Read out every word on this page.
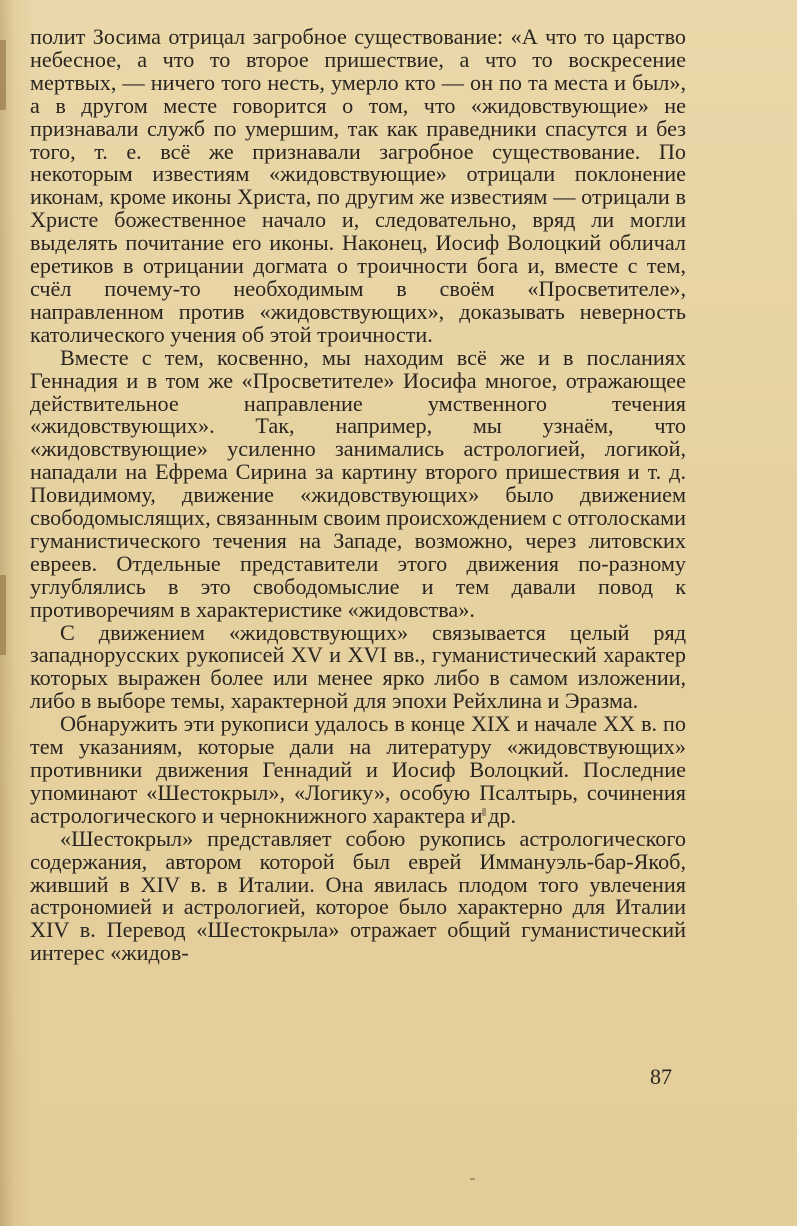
полит Зосима отрицал загробное существование: «А что то царство небесное, а что то второе пришествие, а что то воскресение мертвых, — ничего того несть, умерло кто — он по та места и был», а в другом месте говорится о том, что «жидовствующие» не признавали служб по умершим, так как праведники спасутся и без того, т. е. всё же признавали загробное существование. По некоторым известиям «жидовствующие» отрицали поклонение иконам, кроме иконы Христа, по другим же известиям — отрицали в Христе божественное начало и, следовательно, вряд ли могли выделять почитание его иконы. Наконец, Иосиф Волоцкий обличал еретиков в отрицании догмата о троичности бога и, вместе с тем, счёл почему-то необходимым в своём «Просветителе», направленном против «жидовствующих», доказывать неверность католического учения об этой троичности.

Вместе с тем, косвенно, мы находим всё же и в посланиях Геннадия и в том же «Просветителе» Иосифа многое, отражающее действительное направление умственного течения «жидовствующих». Так, например, мы узнаём, что «жидовствующие» усиленно занимались астрологией, логикой, нападали на Ефрема Сирина за картину второго пришествия и т. д. Повидимому, движение «жидовствующих» было движением свободомыслящих, связанным своим происхождением с отголосками гуманистического течения на Западе, возможно, через литовских евреев. Отдельные представители этого движения по-разному углублялись в это свободомыслие и тем давали повод к противоречиям в характеристике «жидовства».

С движением «жидовствующих» связывается целый ряд западнорусских рукописей XV и XVI вв., гуманистический характер которых выражен более или менее ярко либо в самом изложении, либо в выборе темы, характерной для эпохи Рейхлина и Эразма.

Обнаружить эти рукописи удалось в конце XIX и начале XX в. по тем указаниям, которые дали на литературу «жидовствующих» противники движения Геннадий и Иосиф Волоцкий. Последние упоминают «Шестокрыл», «Логику», особую Псалтырь, сочинения астрологического и чернокнижного характера и др.

«Шестокрыл» представляет собою рукопись астрологического содержания, автором которой был еврей Иммануэль-бар-Якоб, живший в XIV в. в Италии. Она явилась плодом того увлечения астрономией и астрологией, которое было характерно для Италии XIV в. Перевод «Шестокрыла» отражает общий гуманистический интерес «жидов-

87
